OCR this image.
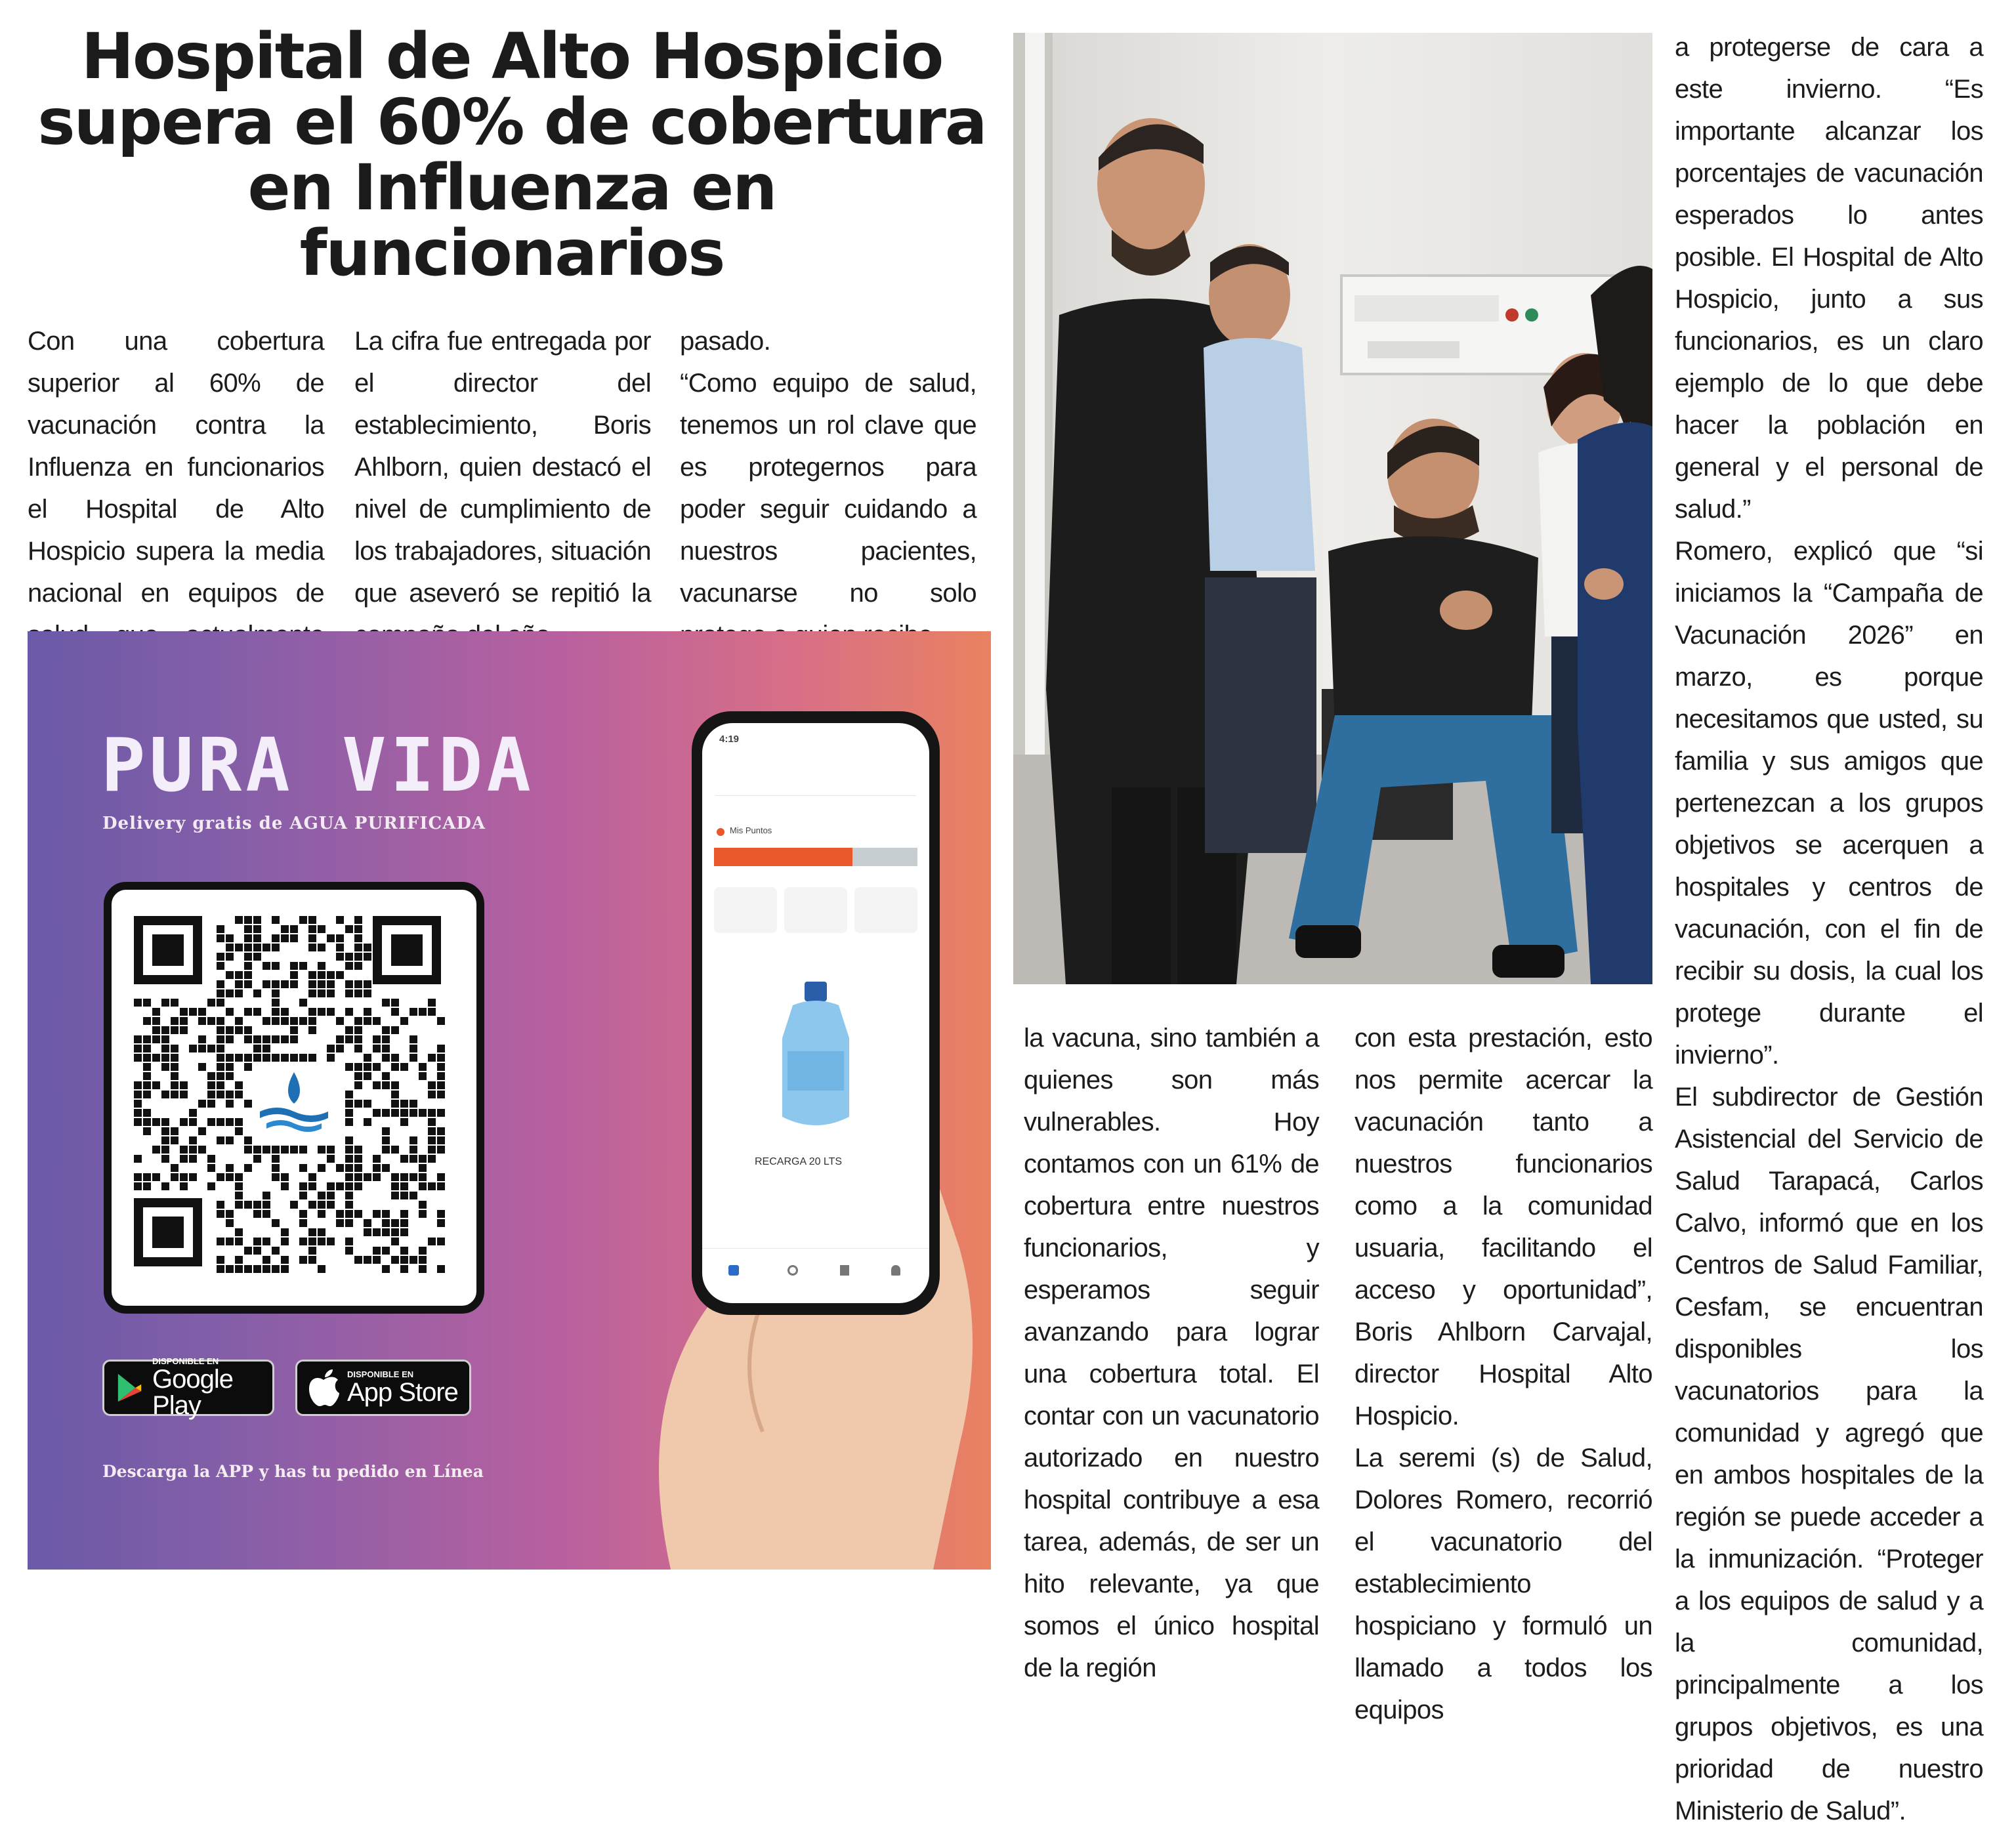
Hospital de Alto Hospicio
supera el 60% de cobertura
en Influenza en funcionarios

Con una cobertura superior al 60% de vacunación contra la Influenza en funcionarios el Hospital de Alto Hospicio supera la media nacional en equipos de

La cifra fue entregada por el director del establecimiento, Boris Ahlborn, quien destacó el nivel de cumplimiento de los trabajadores, situación que aseveró se repitió la

pasado.

“Como equipo de salud, tenemos un rol clave que es protegernos para poder seguir cuidando a nuestros pacientes, vacunarse no solo

la vacuna, sino también a quienes son más vulnerables. Hoy contamos con un 61% de cobertura entre nuestros funcionarios, y esperamos seguir avanzando para lograr una cobertura total. El contar con un vacunatorio autorizado en nuestro hospital contribuye a esa tarea, además, de ser un hito relevante, ya que somos el único hospital de la región

con esta prestación, esto nos permite acercar la vacunación tanto a nuestros funcionarios como a la comunidad usuaria, facilitando el acceso y oportunidad”, Boris Ahlborn Carvajal, director Hospital Alto Hospicio.

La seremi (s) de Salud, Dolores Romero, recorrió el vacunatorio del establecimiento hospiciano y formuló un llamado a todos los equipos

a protegerse de cara a este invierno. “Es importante alcanzar los porcentajes de vacunación esperados lo antes posible. El Hospital de Alto Hospicio, junto a sus funcionarios, es un claro ejemplo de lo que debe hacer la población en general y el personal de salud.”

Romero, explicó que “si iniciamos la “Campaña de Vacunación 2026” en marzo, es porque necesitamos que usted, su familia y sus amigos que pertenezcan a los grupos objetivos se acerquen a hospitales y centros de vacunación, con el fin de recibir su dosis, la cual los protege durante el invierno”.

El subdirector de Gestión Asistencial del Servicio de Salud Tarapacá, Carlos Calvo, informó que en los Centros de Salud Familiar, Cesfam, se encuentran disponibles los vacunatorios para la comunidad y agregó que en ambos hospitales de la región se puede acceder a la inmunización. “Proteger a los equipos de salud y a la comunidad, principalmente a los grupos objetivos, es una prioridad de nuestro Ministerio de Salud”.

PURA VIDA
Delivery gratis de AGUA PURIFICADA
DISPONIBLE EN
Google Play
DISPONIBLE EN
App Store
Descarga la APP y has tu pedido en Línea
4:19
Mis Puntos
RECARGA 20 LTS
